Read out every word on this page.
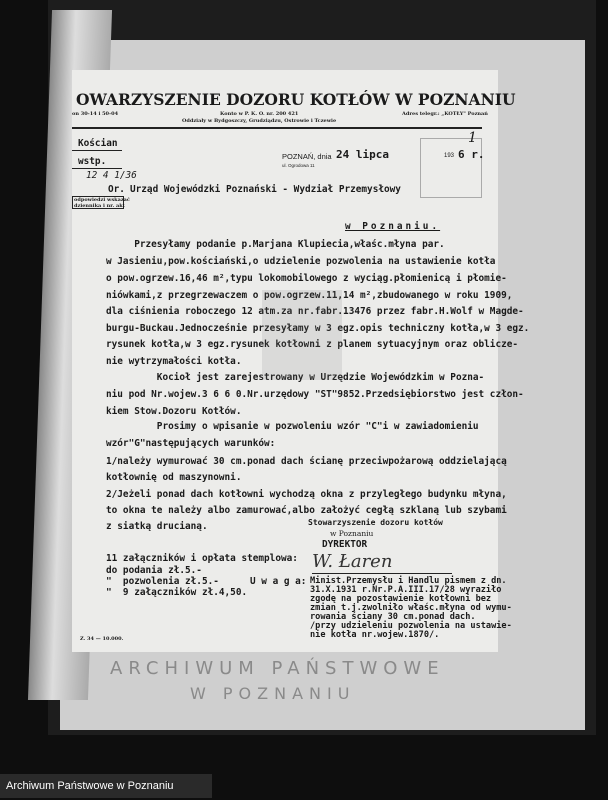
OWARZYSZENIE DOZORU KOTŁÓW W POZNANIU
on 30-14 i 50-04	Konto w P. K. O. nr. 200 421	Adres telegr.: „KOTŁY" Poznań
Oddziały w Bydgoszczy, Grudziądzu, Ostrowie i Tczewie
Kościan
wstp.
12 4 1/36
Or.
odpowiedzi wskazać
dziennika i nr. akt
1
POZNAŃ, dnia 24 lipca	193 6 r.
ul. Ogrodowa 11
Urząd Wojewódzki Poznański - Wydział Przemysłowy
w Poznaniu.
Przesyłamy podanie p.Marjana Klupiecia,właśc.młyna par.
w Jasieniu,pow.kościański,o udzielenie pozwolenia na ustawienie kotła
o pow.ogrzew.16,46 m²,typu lokomobilowego z wyciąg.płomienicą i płomie-
niówkami,z przegrzewaczem o pow.ogrzew.11,14 m²,zbudowanego w roku 1909,
dla ciśnienia roboczego 12 atm.za nr.fabr.13476 przez fabr.H.Wolf w Magde-
burgu-Buckau.Jednocześnie przesyłamy w 3 egz.opis techniczny kotła,w 3 egz.
rysunek kotła,w 3 egz.rysunek kotłowni z planem sytuacyjnym oraz oblicze-
nie wytrzymałości kotła.
Kocioł jest zarejestrowany w Urzędzie Wojewódzkim w Pozna-
niu pod Nr.wojew.3 6 6 0.Nr.urzędowy "ST"9852.Przedsiębiorstwo jest człon-
kiem Stow.Dozoru Kotłów.
Prosimy o wpisanie w pozwoleniu wzór "C"i w zawiadomieniu
wzór"G"następujących warunków:
1/należy wymurować 30 cm.ponad dach ścianę przeciwpożarową oddzielającą
kotłownię od maszynowni.
2/Jeżeli ponad dach kotłowni wychodzą okna z przyległego budynku młyna,
to okna te należy albo zamurować,albo założyć cegłą szklaną lub szybami
z siatką drucianą.	Stowarzyszenie dozoru kotłów
w Poznaniu
DYREKTOR
W. Łaren
11 załączników i opłata stemplowa:
do podania zł.5.-
"  pozwolenia zł.5.-
"  9 załączników zł.4,50.
U w a g a: Minist.Przemysłu i Handlu pismem z dn.
31.X.1931 r.Nr.P.A.III.17/28 wyraziło
zgodę na pozostawienie kotłowni bez
zmian t.j.zwolniło właśc.młyna od wymu-
rowania ściany 30 cm.ponad dach.
/przy udzieleniu pozwolenia na ustawie-
nie kotła nr.wojew.1870/.
Z. 34 — 10.000.
ARCHIWUM PAŃSTWOWE
W POZNANIU
Archiwum Państwowe w Poznaniu
